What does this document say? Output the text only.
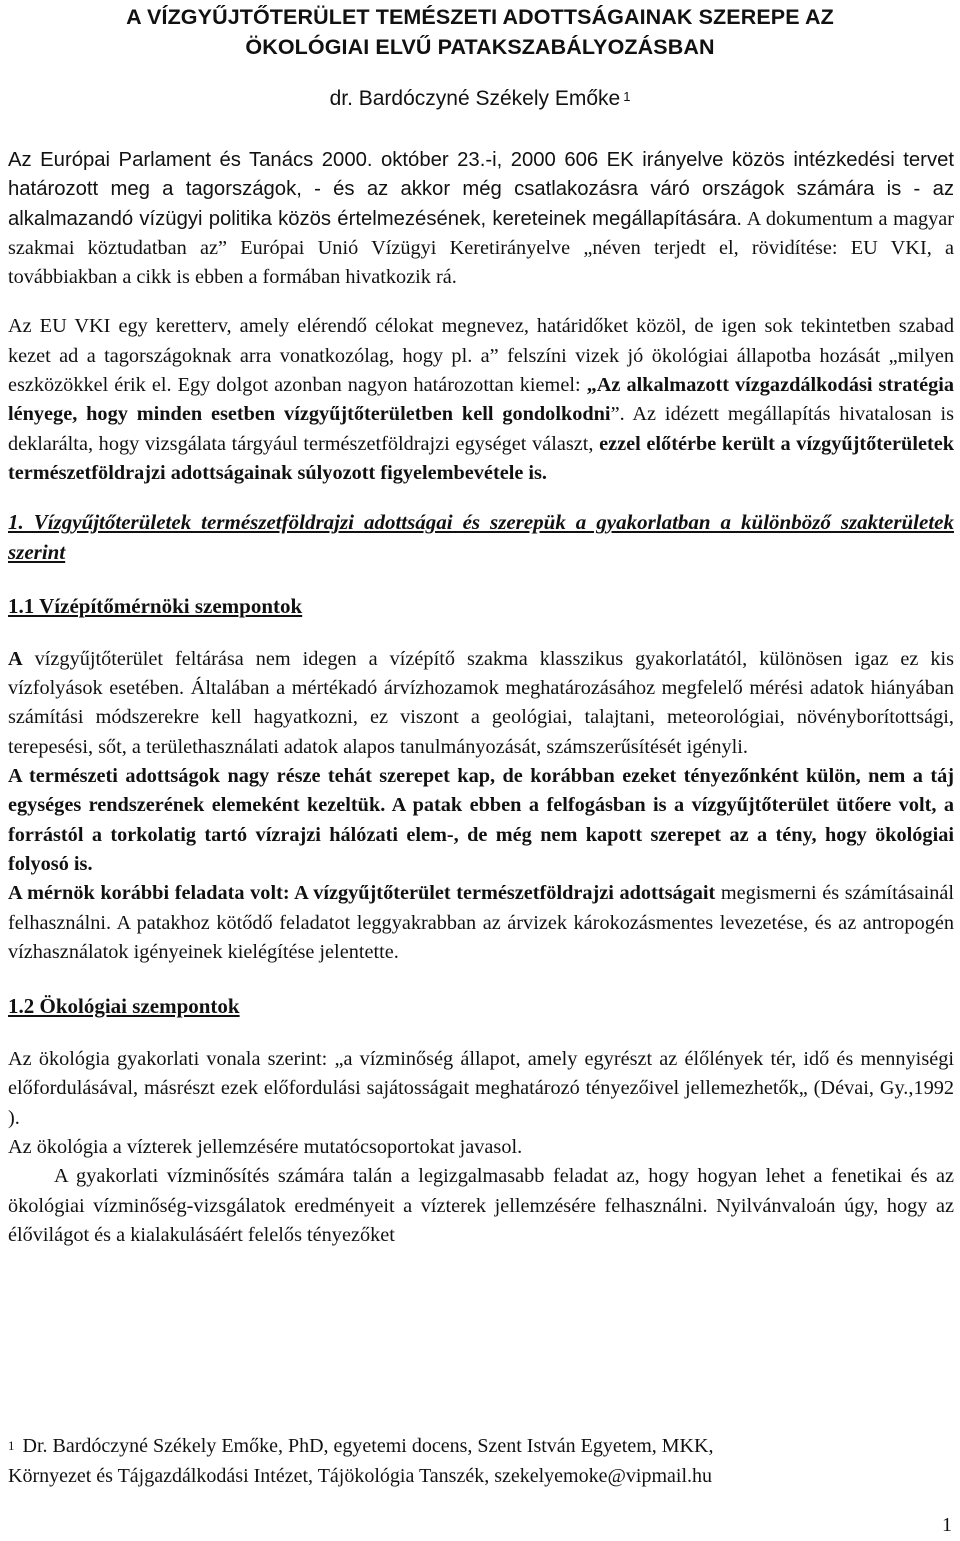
A VÍZGYŰJTŐTERÜLET TEMÉSZETI ADOTTSÁGAINAK SZEREPE AZ
ÖKOLÓGIAI ELVŰ PATAKSZABÁLYOZÁSBAN
dr. Bardóczyné Székely Emőke $^1$

Az Európai Parlament és Tanács 2000. október 23.-i, 2000 606 EK irányelve közös intézkedési tervet határozott meg a tagországok, - és az akkor még csatlakozásra váró országok számára is - az alkalmazandó vízügyi politika közös értelmezésének, kereteinek megállapítására. A dokumentum a magyar szakmai köztudatban az” Európai Unió Vízügyi Keretirányelve „néven terjedt el, rövidítése: EU VKI, a továbbiakban a cikk is ebben a formában hivatkozik rá.

Az EU VKI egy keretterv, amely elérendő célokat megnevez, határidőket közöl, de igen sok tekintetben szabad kezet ad a tagországoknak arra vonatkozólag, hogy pl. a” felszíni vizek jó ökológiai állapotba hozását „milyen eszközökkel érik el. Egy dolgot azonban nagyon határozottan kiemel: „Az alkalmazott vízgazdálkodási stratégia lényege, hogy minden esetben vízgyűjtőterületben kell gondolkodni”. Az idézett megállapítás hivatalosan is deklarálta, hogy vizsgálata tárgyául természetföldrajzi egységet választ, ezzel előtérbe került a vízgyűjtőterületek természetföldrajzi adottságainak súlyozott figyelembevétele is.

1. Vízgyűjtőterületek természetföldrajzi adottságai és szerepük a gyakorlatban a különböző szakterületek szerint

1.1 Vízépítőmérnöki szempontok

A vízgyűjtőterület feltárása nem idegen a vízépítő szakma klasszikus gyakorlatától, különösen igaz ez kis vízfolyások esetében. Általában a mértékadó árvízhozamok meghatározásához megfelelő mérési adatok hiányában számítási módszerekre kell hagyatkozni, ez viszont a geológiai, talajtani, meteorológiai, növényborítottsági, terepesési, sőt, a területhasználati adatok alapos tanulmányozását, számszerűsítését igényli.

A természeti adottságok nagy része tehát szerepet kap, de korábban ezeket tényezőnként külön, nem a táj egységes rendszerének elemeként kezeltük. A patak ebben a felfogásban is a vízgyűjtőterület ütőere volt, a forrástól a torkolatig tartó vízrajzi hálózati elem-, de még nem kapott szerepet az a tény, hogy ökológiai folyosó is.

A mérnök korábbi feladata volt: A vízgyűjtőterület természetföldrajzi adottságait megismerni és számításainál felhasználni. A patakhoz kötődő feladatot leggyakrabban az árvizek károkozásmentes levezetése, és az antropogén vízhasználatok igényeinek kielégítése jelentette.

1.2 Ökológiai szempontok

Az ökológia gyakorlati vonala szerint: „a vízminőség állapot, amely egyrészt az élőlények tér, idő és mennyiségi előfordulásával, másrészt ezek előfordulási sajátosságait meghatározó tényezőivel jellemezhetők„ (Dévai, Gy.,1992 ).

Az ökológia a vízterek jellemzésére mutatócsoportokat javasol.

A gyakorlati vízminősítés számára talán a legizgalmasabb feladat az, hogy hogyan lehet a fenetikai és az ökológiai vízminőség-vizsgálatok eredményeit a vízterek jellemzésére felhasználni. Nyilvánvaloán úgy, hogy az élővilágot és a kialakulásáért felelős tényezőket

$^1$ Dr. Bardóczyné Székely Emőke, PhD, egyetemi docens, Szent István Egyetem, MKK,

Környezet és Tájgazdálkodási Intézet, Tájökológia Tanszék, szekelyemoke@vipmail.hu

1
